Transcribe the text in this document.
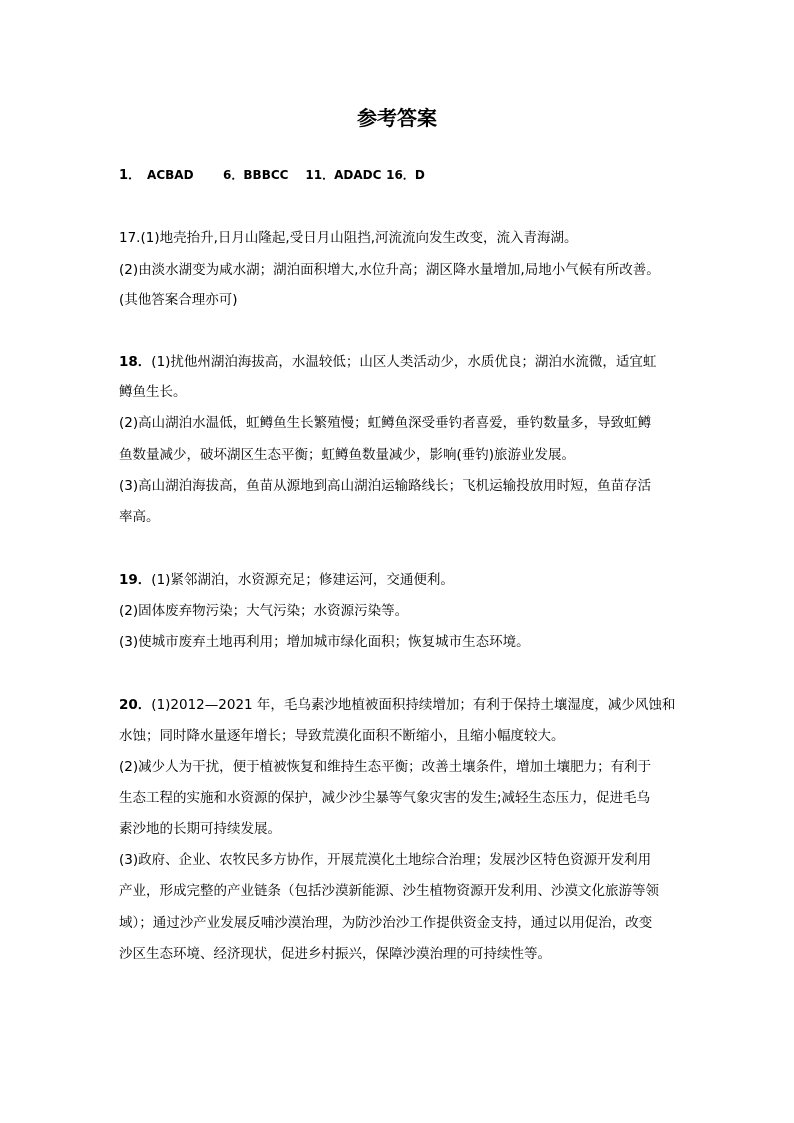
参考答案
1． ACBAD 6．BBBCC 11．ADADC 16．D
17.(1)地壳抬升,日月山隆起,受日月山阻挡,河流流向发生改变，流入青海湖。
(2)由淡水湖变为咸水湖；湖泊面积增大,水位升高；湖区降水量增加,局地小气候有所改善。
(其他答案合理亦可)
18．(1)扰他州湖泊海拔高，水温较低；山区人类活动少，水质优良；湖泊水流微，适宜虹
鳟鱼生长。
(2)高山湖泊水温低，虹鳟鱼生长繁殖慢；虹鳟鱼深受垂钓者喜爱，垂钓数量多，导致虹鳟
鱼数量减少，破坏湖区生态平衡；虹鳟鱼数量减少，影响(垂钓)旅游业发展。
(3)高山湖泊海拔高，鱼苗从源地到高山湖泊运输路线长；飞机运输投放用时短，鱼苗存活
率高。
19．(1)紧邻湖泊，水资源充足；修建运河，交通便利。
(2)固体废弃物污染；大气污染；水资源污染等。
(3)使城市废弃土地再利用；增加城市绿化面积；恢复城市生态环境。
20．(1)2012—2021 年，毛乌素沙地植被面积持续增加；有利于保持土壤湿度，减少风蚀和
水蚀；同时降水量逐年增长；导致荒漠化面积不断缩小，且缩小幅度较大。
(2)减少人为干扰，便于植被恢复和维持生态平衡；改善土壤条件，增加土壤肥力；有利于
生态工程的实施和水资源的保护，减少沙尘暴等气象灾害的发生;减轻生态压力，促进毛乌
素沙地的长期可持续发展。
(3)政府、企业、农牧民多方协作，开展荒漠化土地综合治理；发展沙区特色资源开发利用
产业，形成完整的产业链条（包括沙漠新能源、沙生植物资源开发利用、沙漠文化旅游等领
域）；通过沙产业发展反哺沙漠治理，为防沙治沙工作提供资金支持，通过以用促治，改变
沙区生态环境、经济现状，促进乡村振兴，保障沙漠治理的可持续性等。
